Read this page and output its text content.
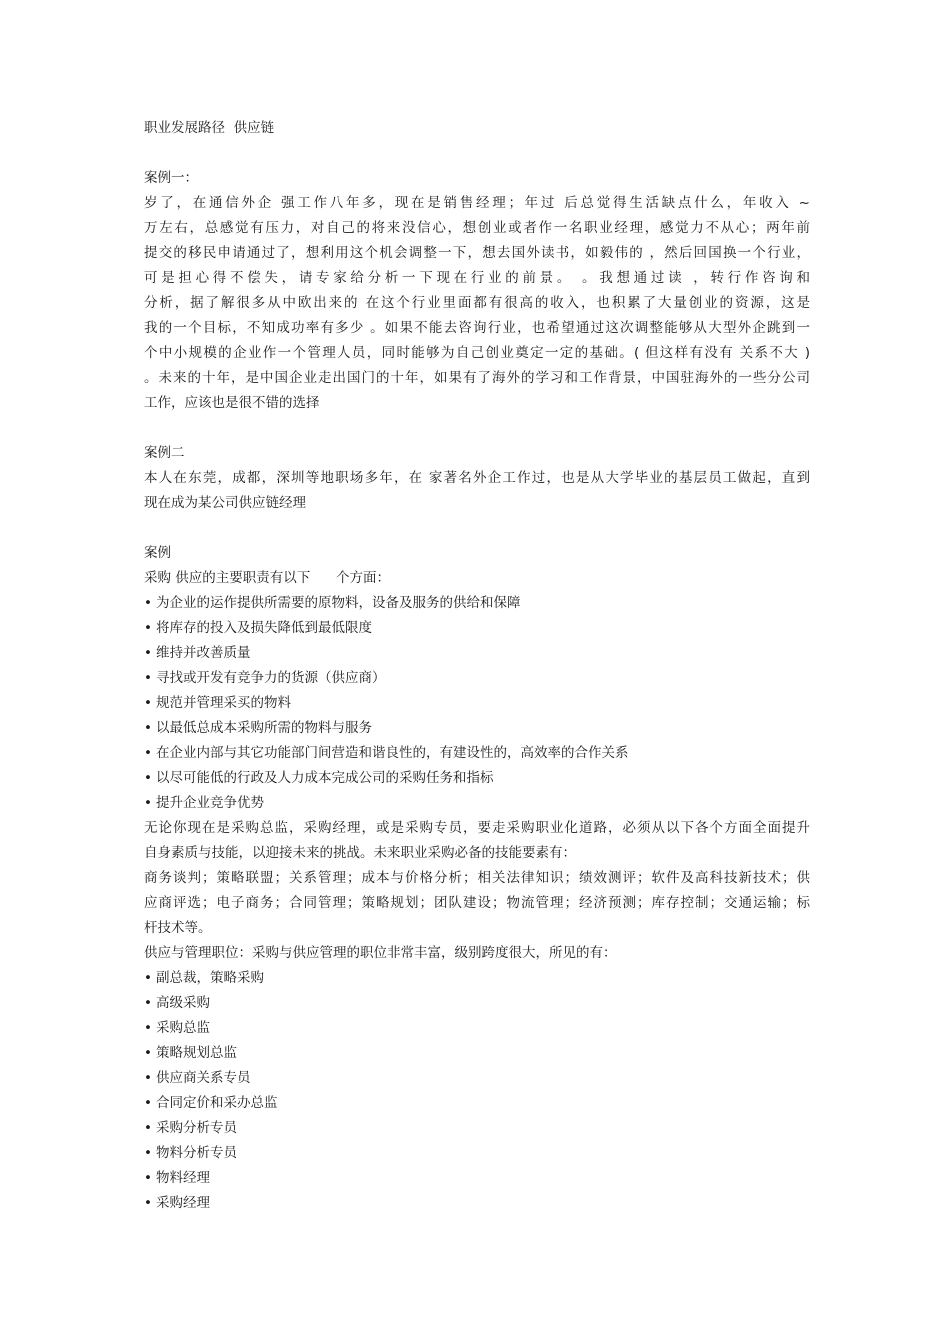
职业发展路径  供应链
案例一：
岁了，在通信外企 强工作八年多，现在是销售经理；年过 后总觉得生活缺点什么，年收入 ~
万左右，总感觉有压力，对自己的将来没信心，想创业或者作一名职业经理，感觉力不从心；两年前
提交的移民申请通过了，想利用这个机会调整一下，想去国外读书，如毅伟的 ，然后回国换一个行业，
可是担心得不偿失，请专家给分析一下现在行业的前景。 。我想通过读 ，转行作咨询和
分析，据了解很多从中欧出来的 在这个行业里面都有很高的收入，也积累了大量创业的资源，这是
我的一个目标，不知成功率有多少 。如果不能去咨询行业，也希望通过这次调整能够从大型外企跳到一
个中小规模的企业作一个管理人员，同时能够为自己创业奠定一定的基础。( 但这样有没有 关系不大 )
。未来的十年，是中国企业走出国门的十年，如果有了海外的学习和工作背景，中国驻海外的一些分公司
工作，应该也是很不错的选择
案例二
本人在东莞，成都，深圳等地职场多年，在 家著名外企工作过，也是从大学毕业的基层员工做起，直到
现在成为某公司供应链经理
案例
采购 供应的主要职责有以下      个方面：
• 为企业的运作提供所需要的原物料，设备及服务的供给和保障
• 将库存的投入及损失降低到最低限度
• 维持并改善质量
• 寻找或开发有竞争力的货源（供应商）
• 规范并管理采买的物料
• 以最低总成本采购所需的物料与服务
• 在企业内部与其它功能部门间营造和谐良性的，有建设性的，高效率的合作关系
• 以尽可能低的行政及人力成本完成公司的采购任务和指标
• 提升企业竞争优势
无论你现在是采购总监，采购经理，或是采购专员，要走采购职业化道路，必须从以下各个方面全面提升
自身素质与技能，以迎接未来的挑战。未来职业采购必备的技能要素有：
商务谈判；策略联盟；关系管理；成本与价格分析；相关法律知识；绩效测评；软件及高科技新技术；供
应商评选；电子商务；合同管理；策略规划；团队建设；物流管理；经济预测；库存控制；交通运输；标
杆技术等。
供应与管理职位：采购与供应管理的职位非常丰富，级别跨度很大，所见的有：
• 副总裁，策略采购
• 高级采购
• 采购总监
• 策略规划总监
• 供应商关系专员
• 合同定价和采办总监
• 采购分析专员
• 物料分析专员
• 物料经理
• 采购经理
